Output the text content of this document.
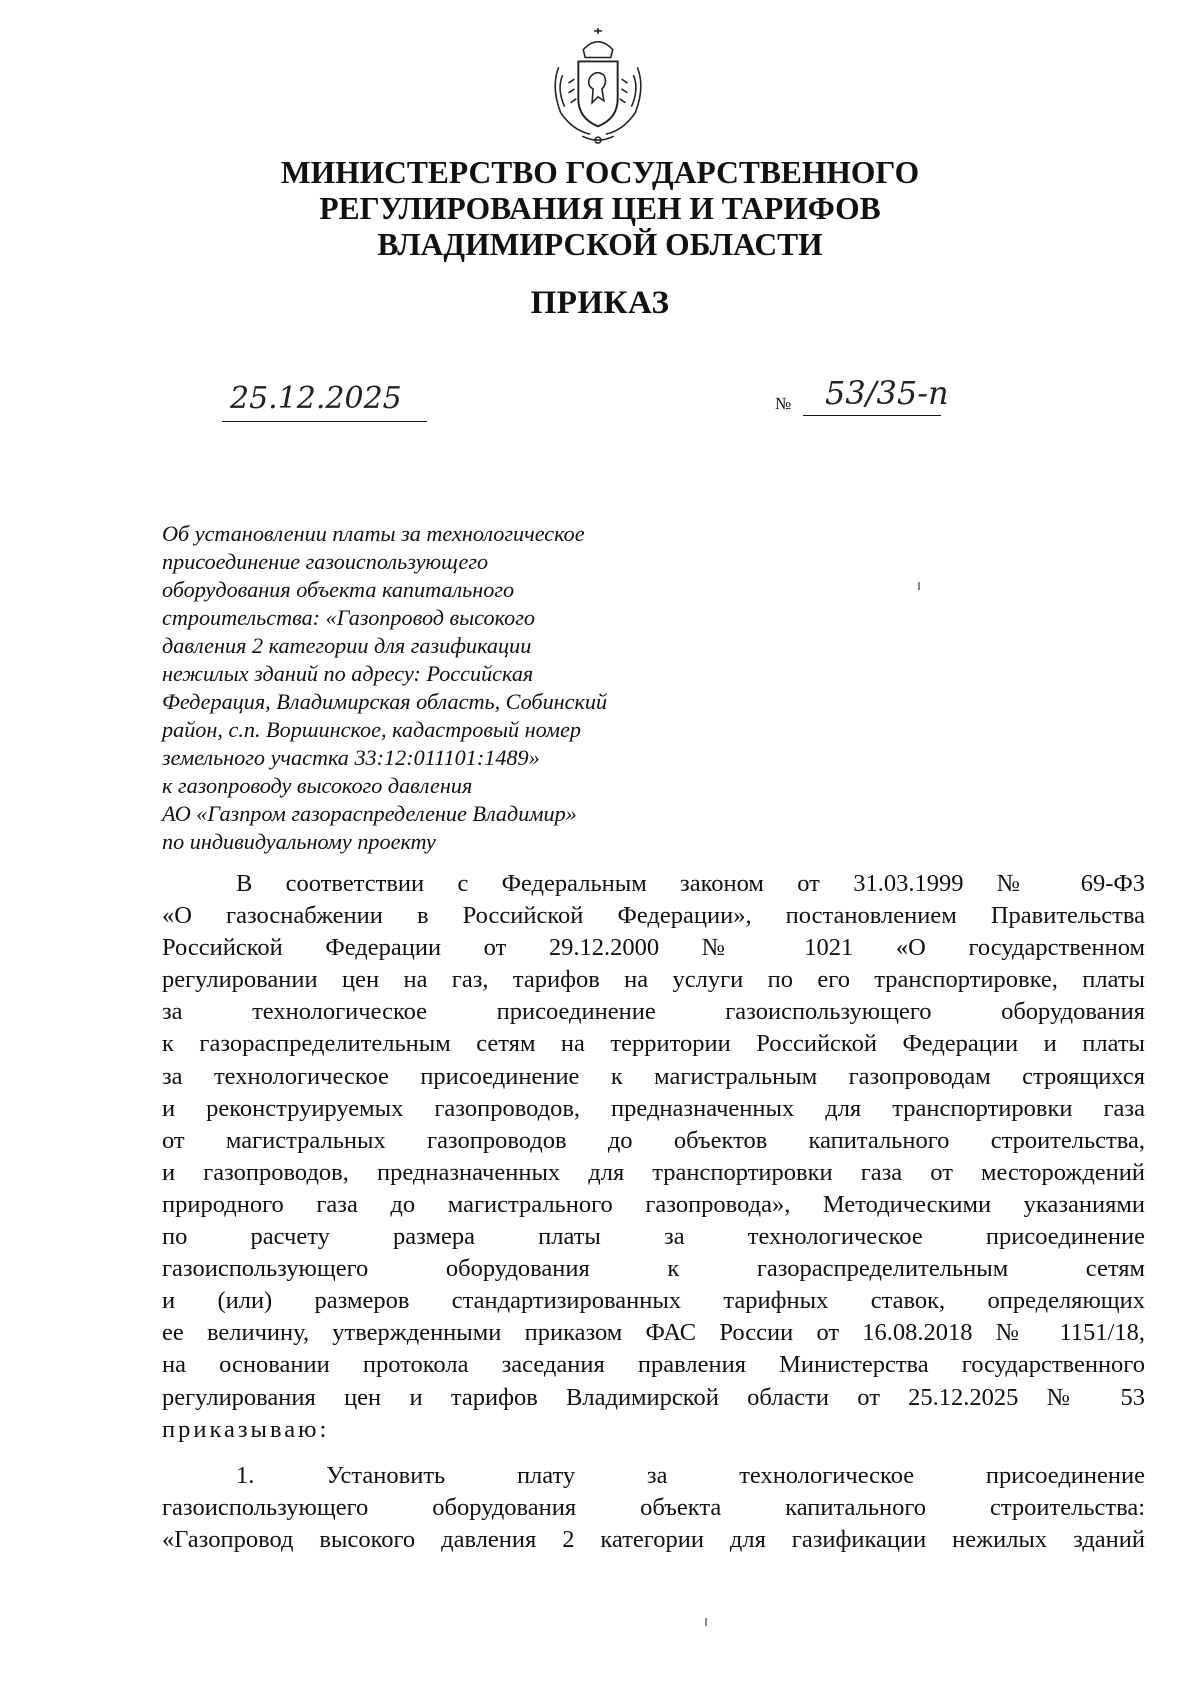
МИНИСТЕРСТВО ГОСУДАРСТВЕННОГО
РЕГУЛИРОВАНИЯ ЦЕН И ТАРИФОВ
ВЛАДИМИРСКОЙ ОБЛАСТИ
ПРИКАЗ
25.12.2025	№ 53/35-п
Об установлении платы за технологическое
присоединение газоиспользующего
оборудования объекта капитального
строительства: «Газопровод высокого
давления 2 категории для газификации
нежилых зданий по адресу: Российская
Федерация, Владимирская область, Собинский
район, с.п. Воршинское, кадастровый номер
земельного участка 33:12:011101:1489»
к газопроводу высокого давления
АО «Газпром газораспределение Владимир»
по индивидуальному проекту
В соответствии с Федеральным законом от 31.03.1999 № 69-ФЗ
«О газоснабжении в Российской Федерации», постановлением Правительства
Российской Федерации от 29.12.2000 № 1021 «О государственном
регулировании цен на газ, тарифов на услуги по его транспортировке, платы
за технологическое присоединение газоиспользующего оборудования
к газораспределительным сетям на территории Российской Федерации и платы
за технологическое присоединение к магистральным газопроводам строящихся
и реконструируемых газопроводов, предназначенных для транспортировки газа
от магистральных газопроводов до объектов капитального строительства,
и газопроводов, предназначенных для транспортировки газа от месторождений
природного газа до магистрального газопровода», Методическими указаниями
по расчету размера платы за технологическое присоединение
газоиспользующего оборудования к газораспределительным сетям
и (или) размеров стандартизированных тарифных ставок, определяющих
ее величину, утвержденными приказом ФАС России от 16.08.2018 № 1151/18,
на основании протокола заседания правления Министерства государственного
регулирования цен и тарифов Владимирской области от 25.12.2025 № 53
приказываю:
1. Установить плату за технологическое присоединение
газоиспользующего оборудования объекта капитального строительства:
«Газопровод высокого давления 2 категории для газификации нежилых зданий
